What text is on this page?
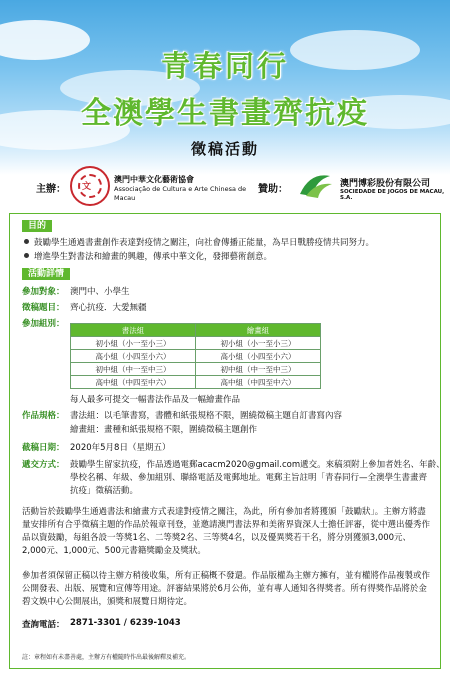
青春同行
全澳學生書畫齊抗疫
徵稿活動
主辦： 文
澳門中華文化藝術協會
Associação de Cultura e Arte Chinesa de
Macau
贊助：	澳門博彩股份有限公司
SOCIEDADE DE JOGOS DE MACAU, S.A.
目的
鼓勵學生通過書畫創作表達對疫情之關注，向社會傳播正能量，為早日戰勝疫情共同努力。
增進學生對書法和繪畫的興趣，傳承中華文化，發揮藝術創意。
活動詳情
參加對象： 澳門中、小學生
徵稿題目： 齊心抗疫．大愛無疆
參加組別：
書法組	繪畫組
初小組（小一至小三）	初小組（小一至小三）
高小組（小四至小六）	高小組（小四至小六）
初中組（中一至中三）	初中組（中一至中三）
高中組（中四至中六）	高中組（中四至中六）
每人最多可提交一幅書法作品及一幅繪畫作品
作品規格： 書法組：以毛筆書寫，書體和紙張規格不限，圍繞徵稿主題自訂書寫內容
繪畫組：畫種和紙張規格不限，圍繞徵稿主題創作
截稿日期： 2020年5月8日（星期五）
遞交方式： 鼓勵學生留家抗疫，作品透過電郵acacm2020@gmail.com遞交。來稿須附上參加者姓名、年齡、
學校名稱、年級、參加組別、聯絡電話及電郵地址。電郵主旨註明「青春同行—全澳學生書畫齊
抗疫」徵稿活動。

活動旨於鼓勵學生通過書法和繪畫方式表達對疫情之關注，為此，所有參加者將獲頒「鼓勵狀」。主辦方將盡量安排所有合乎徵稿主題的作品於報章刊登，並邀請澳門書法界和美術界資深人士擔任評審，從中選出優秀作品以資鼓勵，每組各設一等獎1名、二等獎2名、三等獎4名，以及優異獎若干名，將分別獲頒3,000元、2,000元、1,000元、500元書籍獎勵金及獎狀。

參加者須保留正稿以待主辦方稍後收集，所有正稿概不發還。作品版權為主辦方擁有，並有權將作品複製或作公開發表、出版、展覽和宣傳等用途。評審結果將於6月公佈，並有專人通知各得獎者。所有得獎作品將於金碧文娛中心公開展出，頒獎和展覽日期待定。

查詢電話： 2871-3301 / 6239-1043
註：章程如有未盡善處，主辦方有權隨時作出最後解釋及補充。
